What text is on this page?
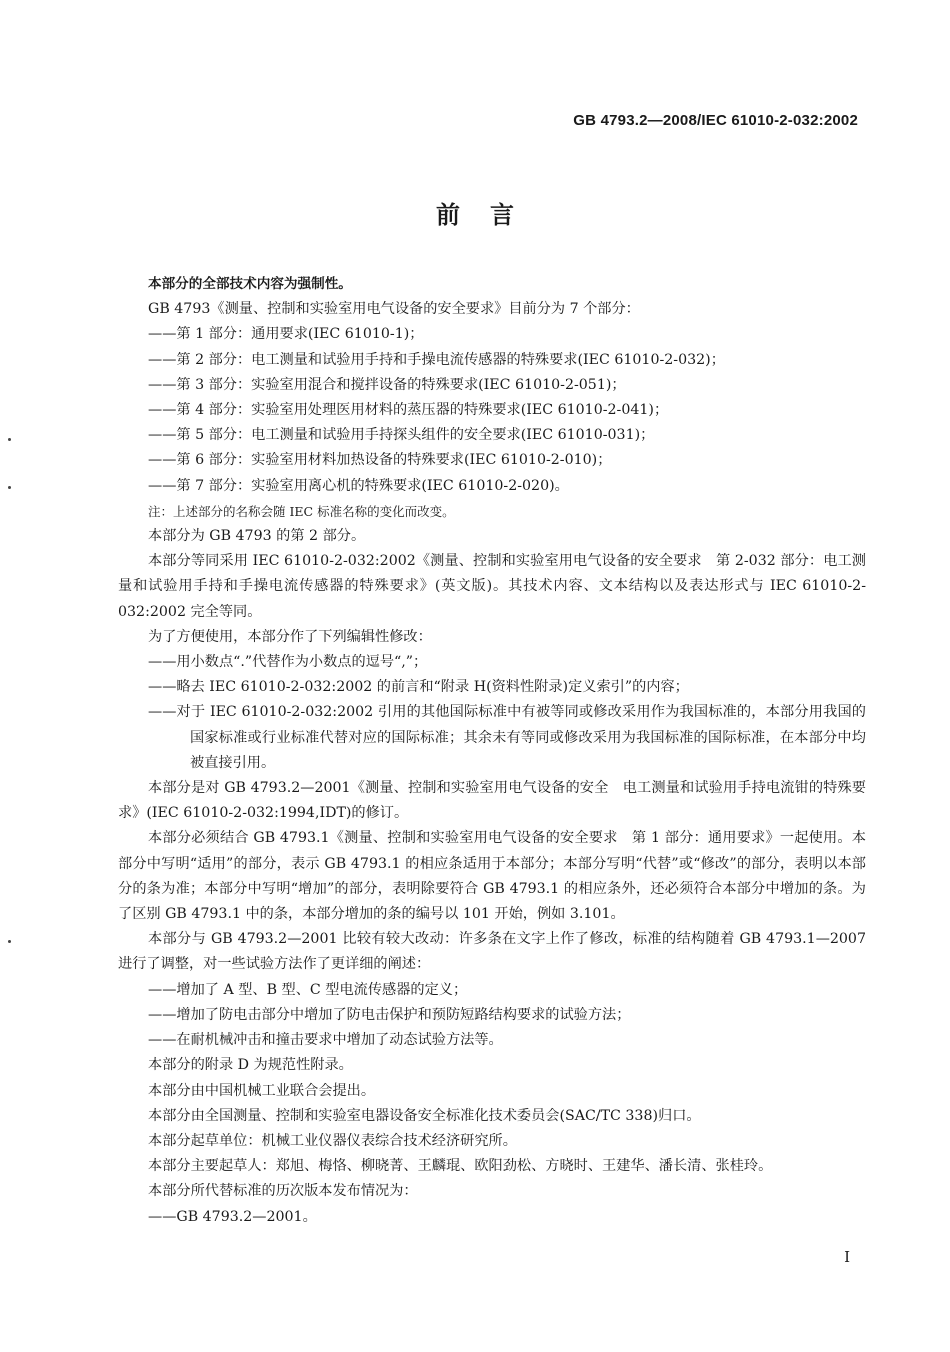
GB 4793.2—2008/IEC 61010-2-032:2002
前言

本部分的全部技术内容为强制性。

GB 4793《测量、控制和实验室用电气设备的安全要求》目前分为 7 个部分：

——第 1 部分：通用要求(IEC 61010-1)；

——第 2 部分：电工测量和试验用手持和手操电流传感器的特殊要求(IEC 61010-2-032)；

——第 3 部分：实验室用混合和搅拌设备的特殊要求(IEC 61010-2-051)；

——第 4 部分：实验室用处理医用材料的蒸压器的特殊要求(IEC 61010-2-041)；

——第 5 部分：电工测量和试验用手持探头组件的安全要求(IEC 61010-031)；

——第 6 部分：实验室用材料加热设备的特殊要求(IEC 61010-2-010)；

——第 7 部分：实验室用离心机的特殊要求(IEC 61010-2-020)。

注：上述部分的名称会随 IEC 标准名称的变化而改变。

本部分为 GB 4793 的第 2 部分。

本部分等同采用 IEC 61010-2-032:2002《测量、控制和实验室用电气设备的安全要求　第 2-032 部分：电工测量和试验用手持和手操电流传感器的特殊要求》(英文版)。其技术内容、文本结构以及表达形式与 IEC 61010-2-032:2002 完全等同。

为了方便使用，本部分作了下列编辑性修改：

——用小数点“.”代替作为小数点的逗号“,”；

——略去 IEC 61010-2-032:2002 的前言和“附录 H(资料性附录)定义索引”的内容；

——对于 IEC 61010-2-032:2002 引用的其他国际标准中有被等同或修改采用作为我国标准的，本部分用我国的国家标准或行业标准代替对应的国际标准；其余未有等同或修改采用为我国标准的国际标准，在本部分中均被直接引用。

本部分是对 GB 4793.2—2001《测量、控制和实验室用电气设备的安全　电工测量和试验用手持电流钳的特殊要求》(IEC 61010-2-032:1994,IDT)的修订。

本部分必须结合 GB 4793.1《测量、控制和实验室用电气设备的安全要求　第 1 部分：通用要求》一起使用。本部分中写明“适用”的部分，表示 GB 4793.1 的相应条适用于本部分；本部分写明“代替”或“修改”的部分，表明以本部分的条为准；本部分中写明“增加”的部分，表明除要符合 GB 4793.1 的相应条外，还必须符合本部分中增加的条。为了区别 GB 4793.1 中的条，本部分增加的条的编号以 101 开始，例如 3.101。

本部分与 GB 4793.2—2001 比较有较大改动：许多条在文字上作了修改，标准的结构随着 GB 4793.1—2007 进行了调整，对一些试验方法作了更详细的阐述：

——增加了 A 型、B 型、C 型电流传感器的定义；

——增加了防电击部分中增加了防电击保护和预防短路结构要求的试验方法；

——在耐机械冲击和撞击要求中增加了动态试验方法等。

本部分的附录 D 为规范性附录。

本部分由中国机械工业联合会提出。

本部分由全国测量、控制和实验室电器设备安全标准化技术委员会(SAC/TC 338)归口。

本部分起草单位：机械工业仪器仪表综合技术经济研究所。

本部分主要起草人：郑旭、梅恪、柳晓菁、王麟琨、欧阳劲松、方晓时、王建华、潘长清、张桂玲。

本部分所代替标准的历次版本发布情况为：

——GB 4793.2—2001。

I
